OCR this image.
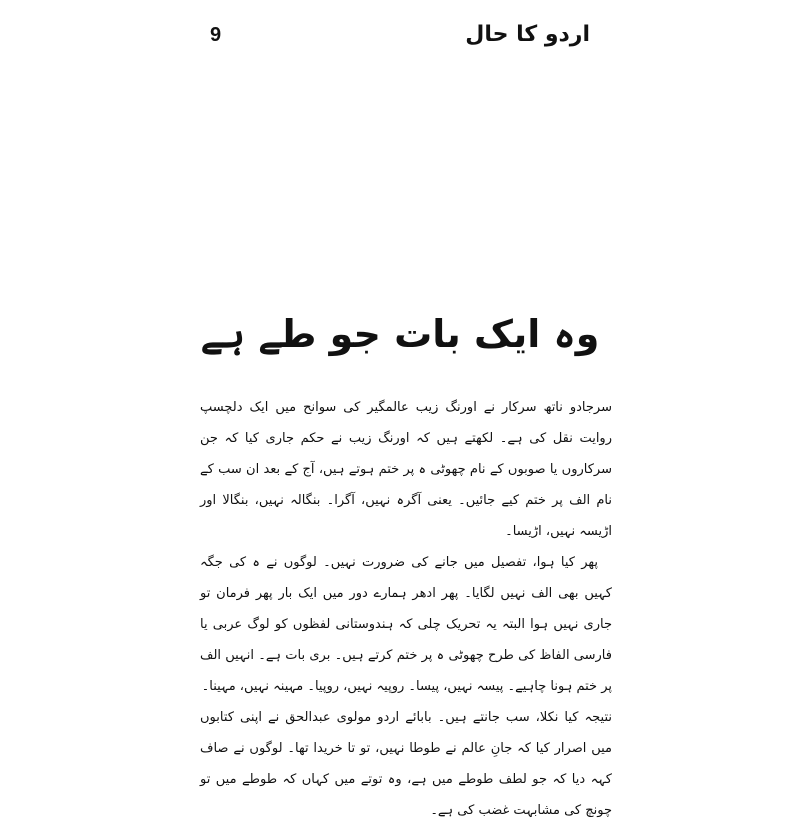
اردو کا حال
9
وہ ایک بات جو طے ہے

سرجادو ناتھ سرکار نے اورنگ زیب عالمگیر کی سوانح میں ایک دلچسپ روایت نقل کی ہے۔ لکھتے ہیں کہ اورنگ زیب نے حکم جاری کیا کہ جن سرکاروں یا صوبوں کے نام چھوٹی ہ پر ختم ہوتے ہیں، آج کے بعد ان سب کے نام الف پر ختم کیے جائیں۔ یعنی آگرہ نہیں، آگرا۔ بنگالہ نہیں، بنگالا اور اڑیسہ نہیں، اڑیسا۔

پھر کیا ہوا، تفصیل میں جانے کی ضرورت نہیں۔ لوگوں نے ہ کی جگہ کہیں بھی الف نہیں لگایا۔ پھر ادھر ہمارے دور میں ایک بار پھر فرمان تو جاری نہیں ہوا البتہ یہ تحریک چلی کہ ہندوستانی لفظوں کو لوگ عربی یا فارسی الفاظ کی طرح چھوٹی ہ پر ختم کرتے ہیں۔ بری بات ہے۔ انہیں الف پر ختم ہونا چاہیے۔ پیسہ نہیں، پیسا۔ روپیہ نہیں، روپیا۔ مہینہ نہیں، مہینا۔

نتیجہ کیا نکلا، سب جانتے ہیں۔ بابائے اردو مولوی عبدالحق نے اپنی کتابوں میں اصرار کیا کہ جانِ عالم نے طوطا نہیں، تو تا خریدا تھا۔ لوگوں نے صاف کہہ دیا کہ جو لطف طوطے میں ہے، وہ توتے میں کہاں کہ طوطے میں تو چونچ کی مشابہت غضب کی ہے۔
